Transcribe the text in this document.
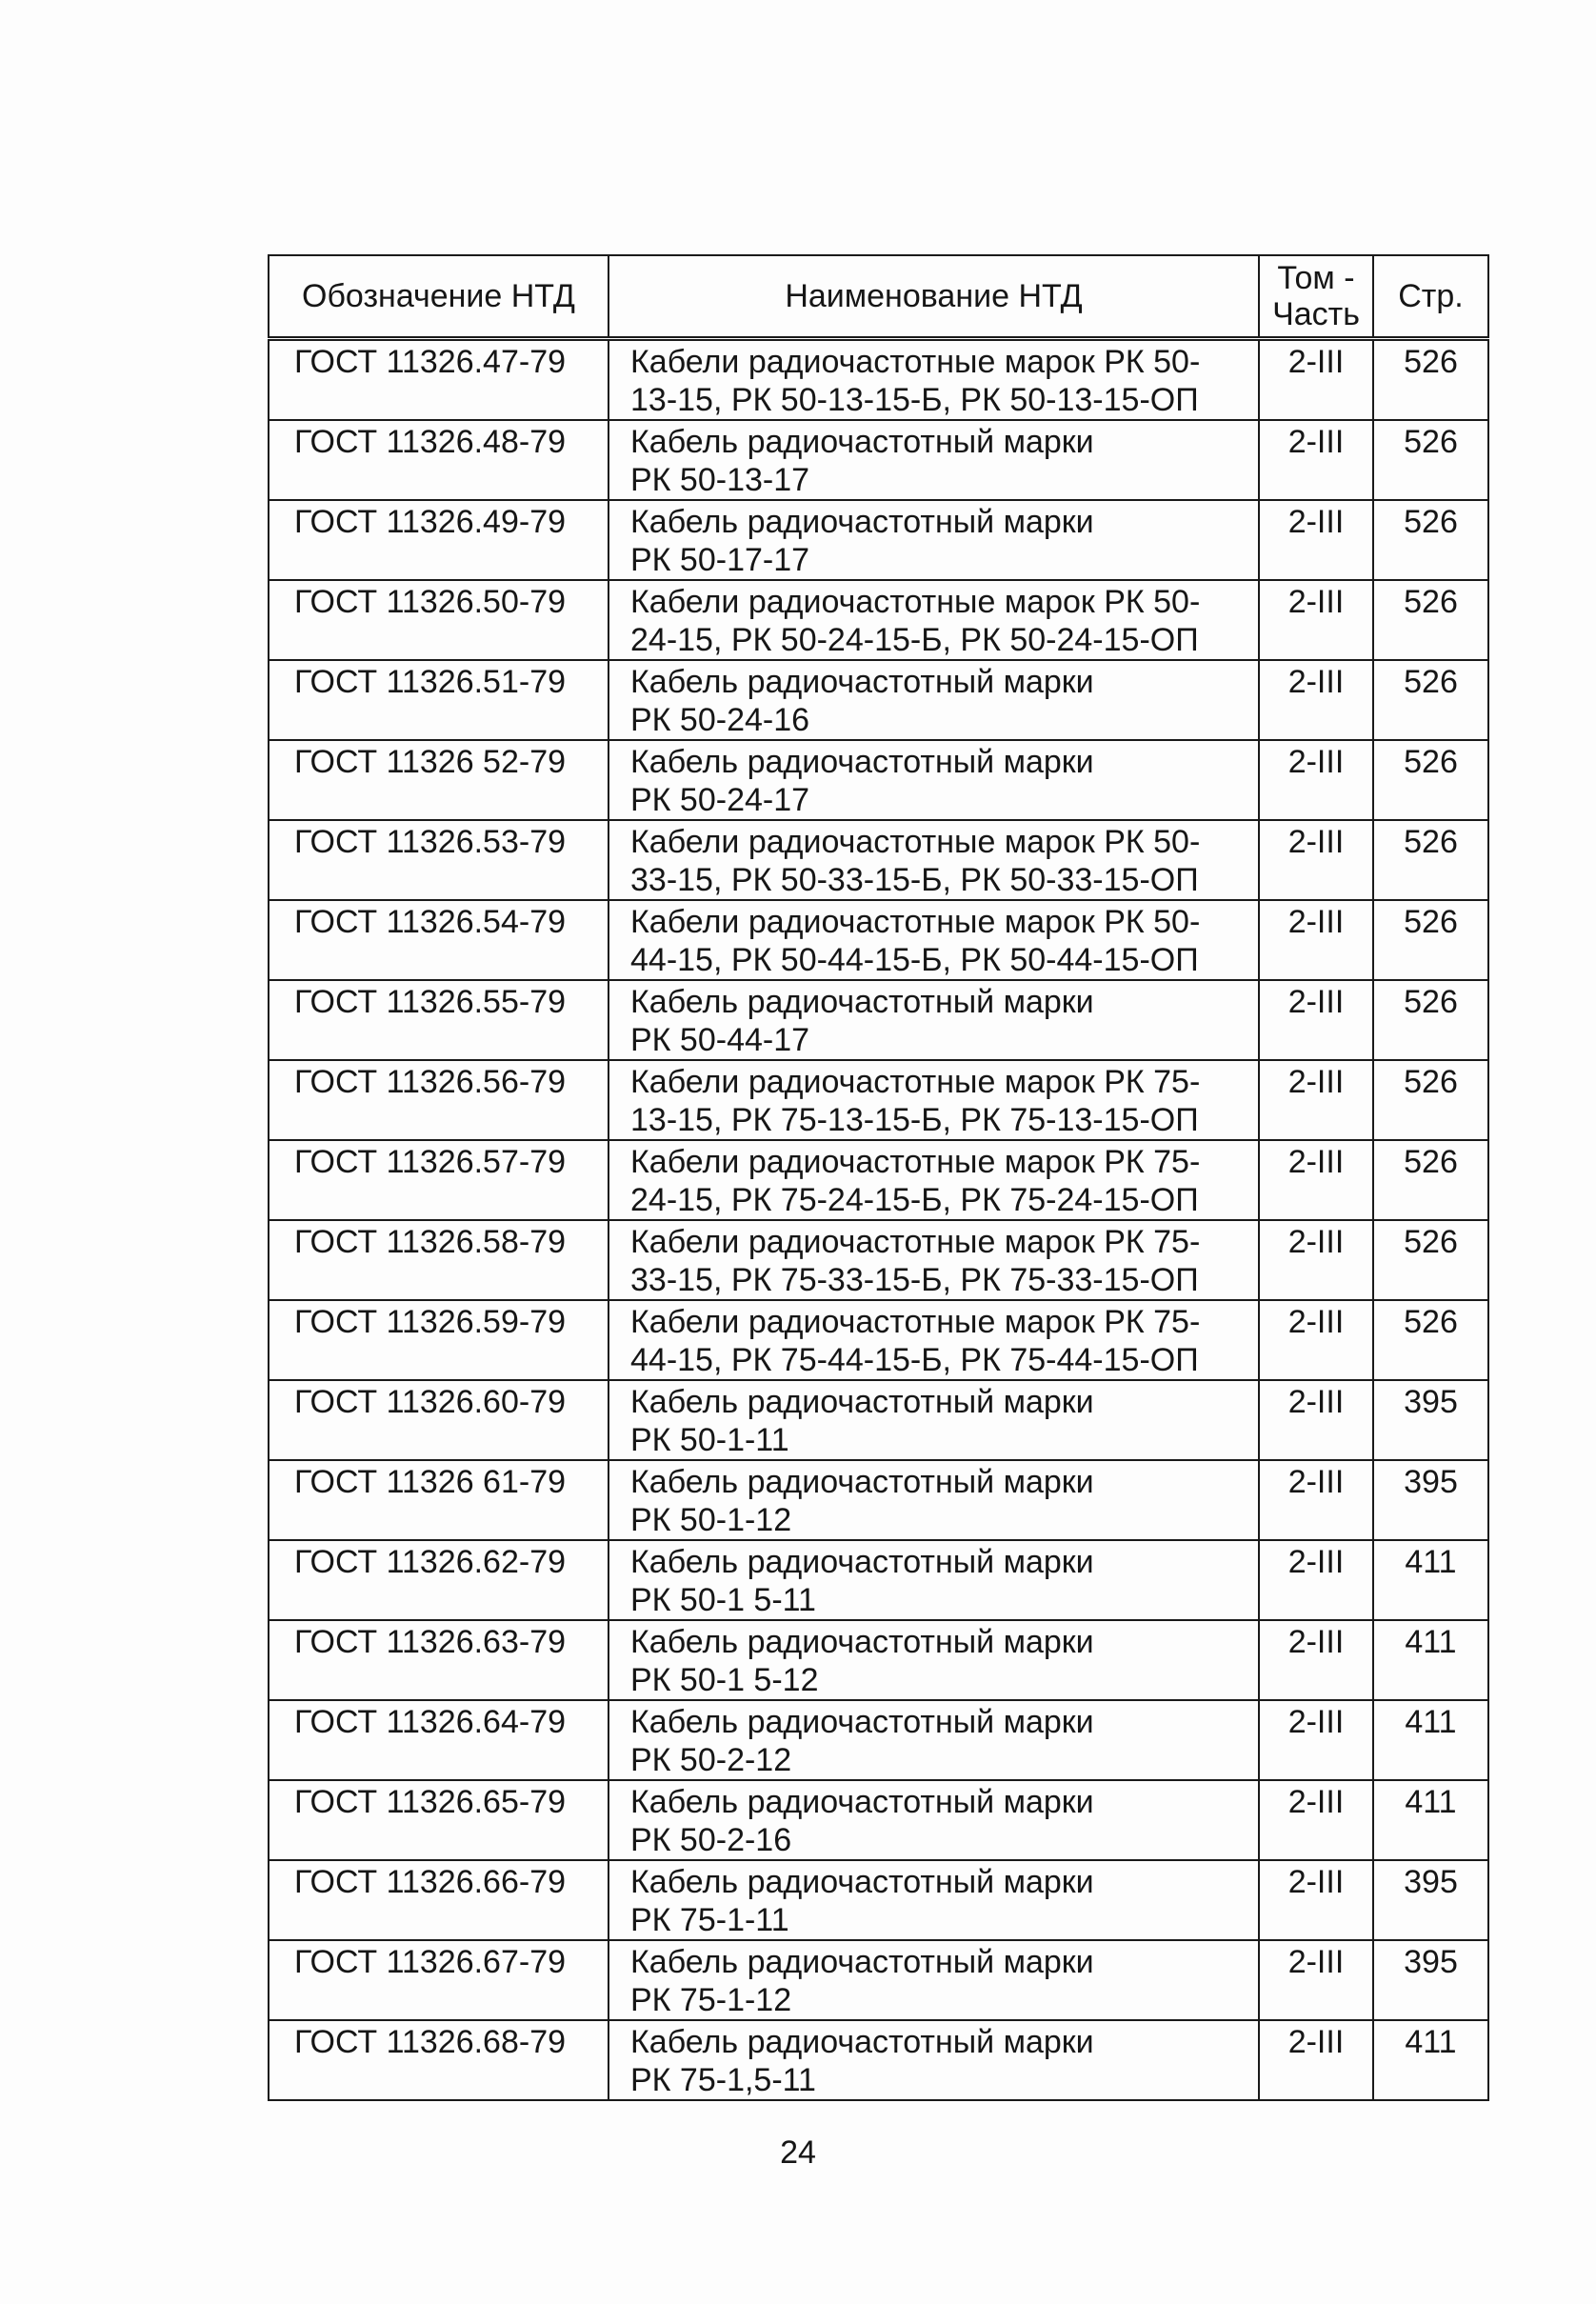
Обозначение НТД	Наименование НТД	Том -
Часть	Стр.
ГОСТ 11326.47-79	Кабели радиочастотные марок РК 50-
13-15, РК 50-13-15-Б, РК 50-13-15-ОП	2-III	526
ГОСТ 11326.48-79	Кабель радиочастотный марки
РК 50-13-17	2-III	526
ГОСТ 11326.49-79	Кабель радиочастотный марки
РК 50-17-17	2-III	526
ГОСТ 11326.50-79	Кабели радиочастотные марок РК 50-
24-15, РК 50-24-15-Б, РК 50-24-15-ОП	2-III	526
ГОСТ 11326.51-79	Кабель радиочастотный марки
РК 50-24-16	2-III	526
ГОСТ 11326 52-79	Кабель радиочастотный марки
РК 50-24-17	2-III	526
ГОСТ 11326.53-79	Кабели радиочастотные марок РК 50-
33-15, РК 50-33-15-Б, РК 50-33-15-ОП	2-III	526
ГОСТ 11326.54-79	Кабели радиочастотные марок РК 50-
44-15, РК 50-44-15-Б, РК 50-44-15-ОП	2-III	526
ГОСТ 11326.55-79	Кабель радиочастотный марки
РК 50-44-17	2-III	526
ГОСТ 11326.56-79	Кабели радиочастотные марок РК 75-
13-15, РК 75-13-15-Б, РК 75-13-15-ОП	2-III	526
ГОСТ 11326.57-79	Кабели радиочастотные марок РК 75-
24-15, РК 75-24-15-Б, РК 75-24-15-ОП	2-III	526
ГОСТ 11326.58-79	Кабели радиочастотные марок РК 75-
33-15, РК 75-33-15-Б, РК 75-33-15-ОП	2-III	526
ГОСТ 11326.59-79	Кабели радиочастотные марок РК 75-
44-15, РК 75-44-15-Б, РК 75-44-15-ОП	2-III	526
ГОСТ 11326.60-79	Кабель радиочастотный марки
РК 50-1-11	2-III	395
ГОСТ 11326 61-79	Кабель радиочастотный марки
РК 50-1-12	2-III	395
ГОСТ 11326.62-79	Кабель радиочастотный марки
РК 50-1 5-11	2-III	411
ГОСТ 11326.63-79	Кабель радиочастотный марки
РК 50-1 5-12	2-III	411
ГОСТ 11326.64-79	Кабель радиочастотный марки
РК 50-2-12	2-III	411
ГОСТ 11326.65-79	Кабель радиочастотный марки
РК 50-2-16	2-III	411
ГОСТ 11326.66-79	Кабель радиочастотный марки
РК 75-1-11	2-III	395
ГОСТ 11326.67-79	Кабель радиочастотный марки
РК 75-1-12	2-III	395
ГОСТ 11326.68-79	Кабель радиочастотный марки
РК 75-1,5-11	2-III	411
24
